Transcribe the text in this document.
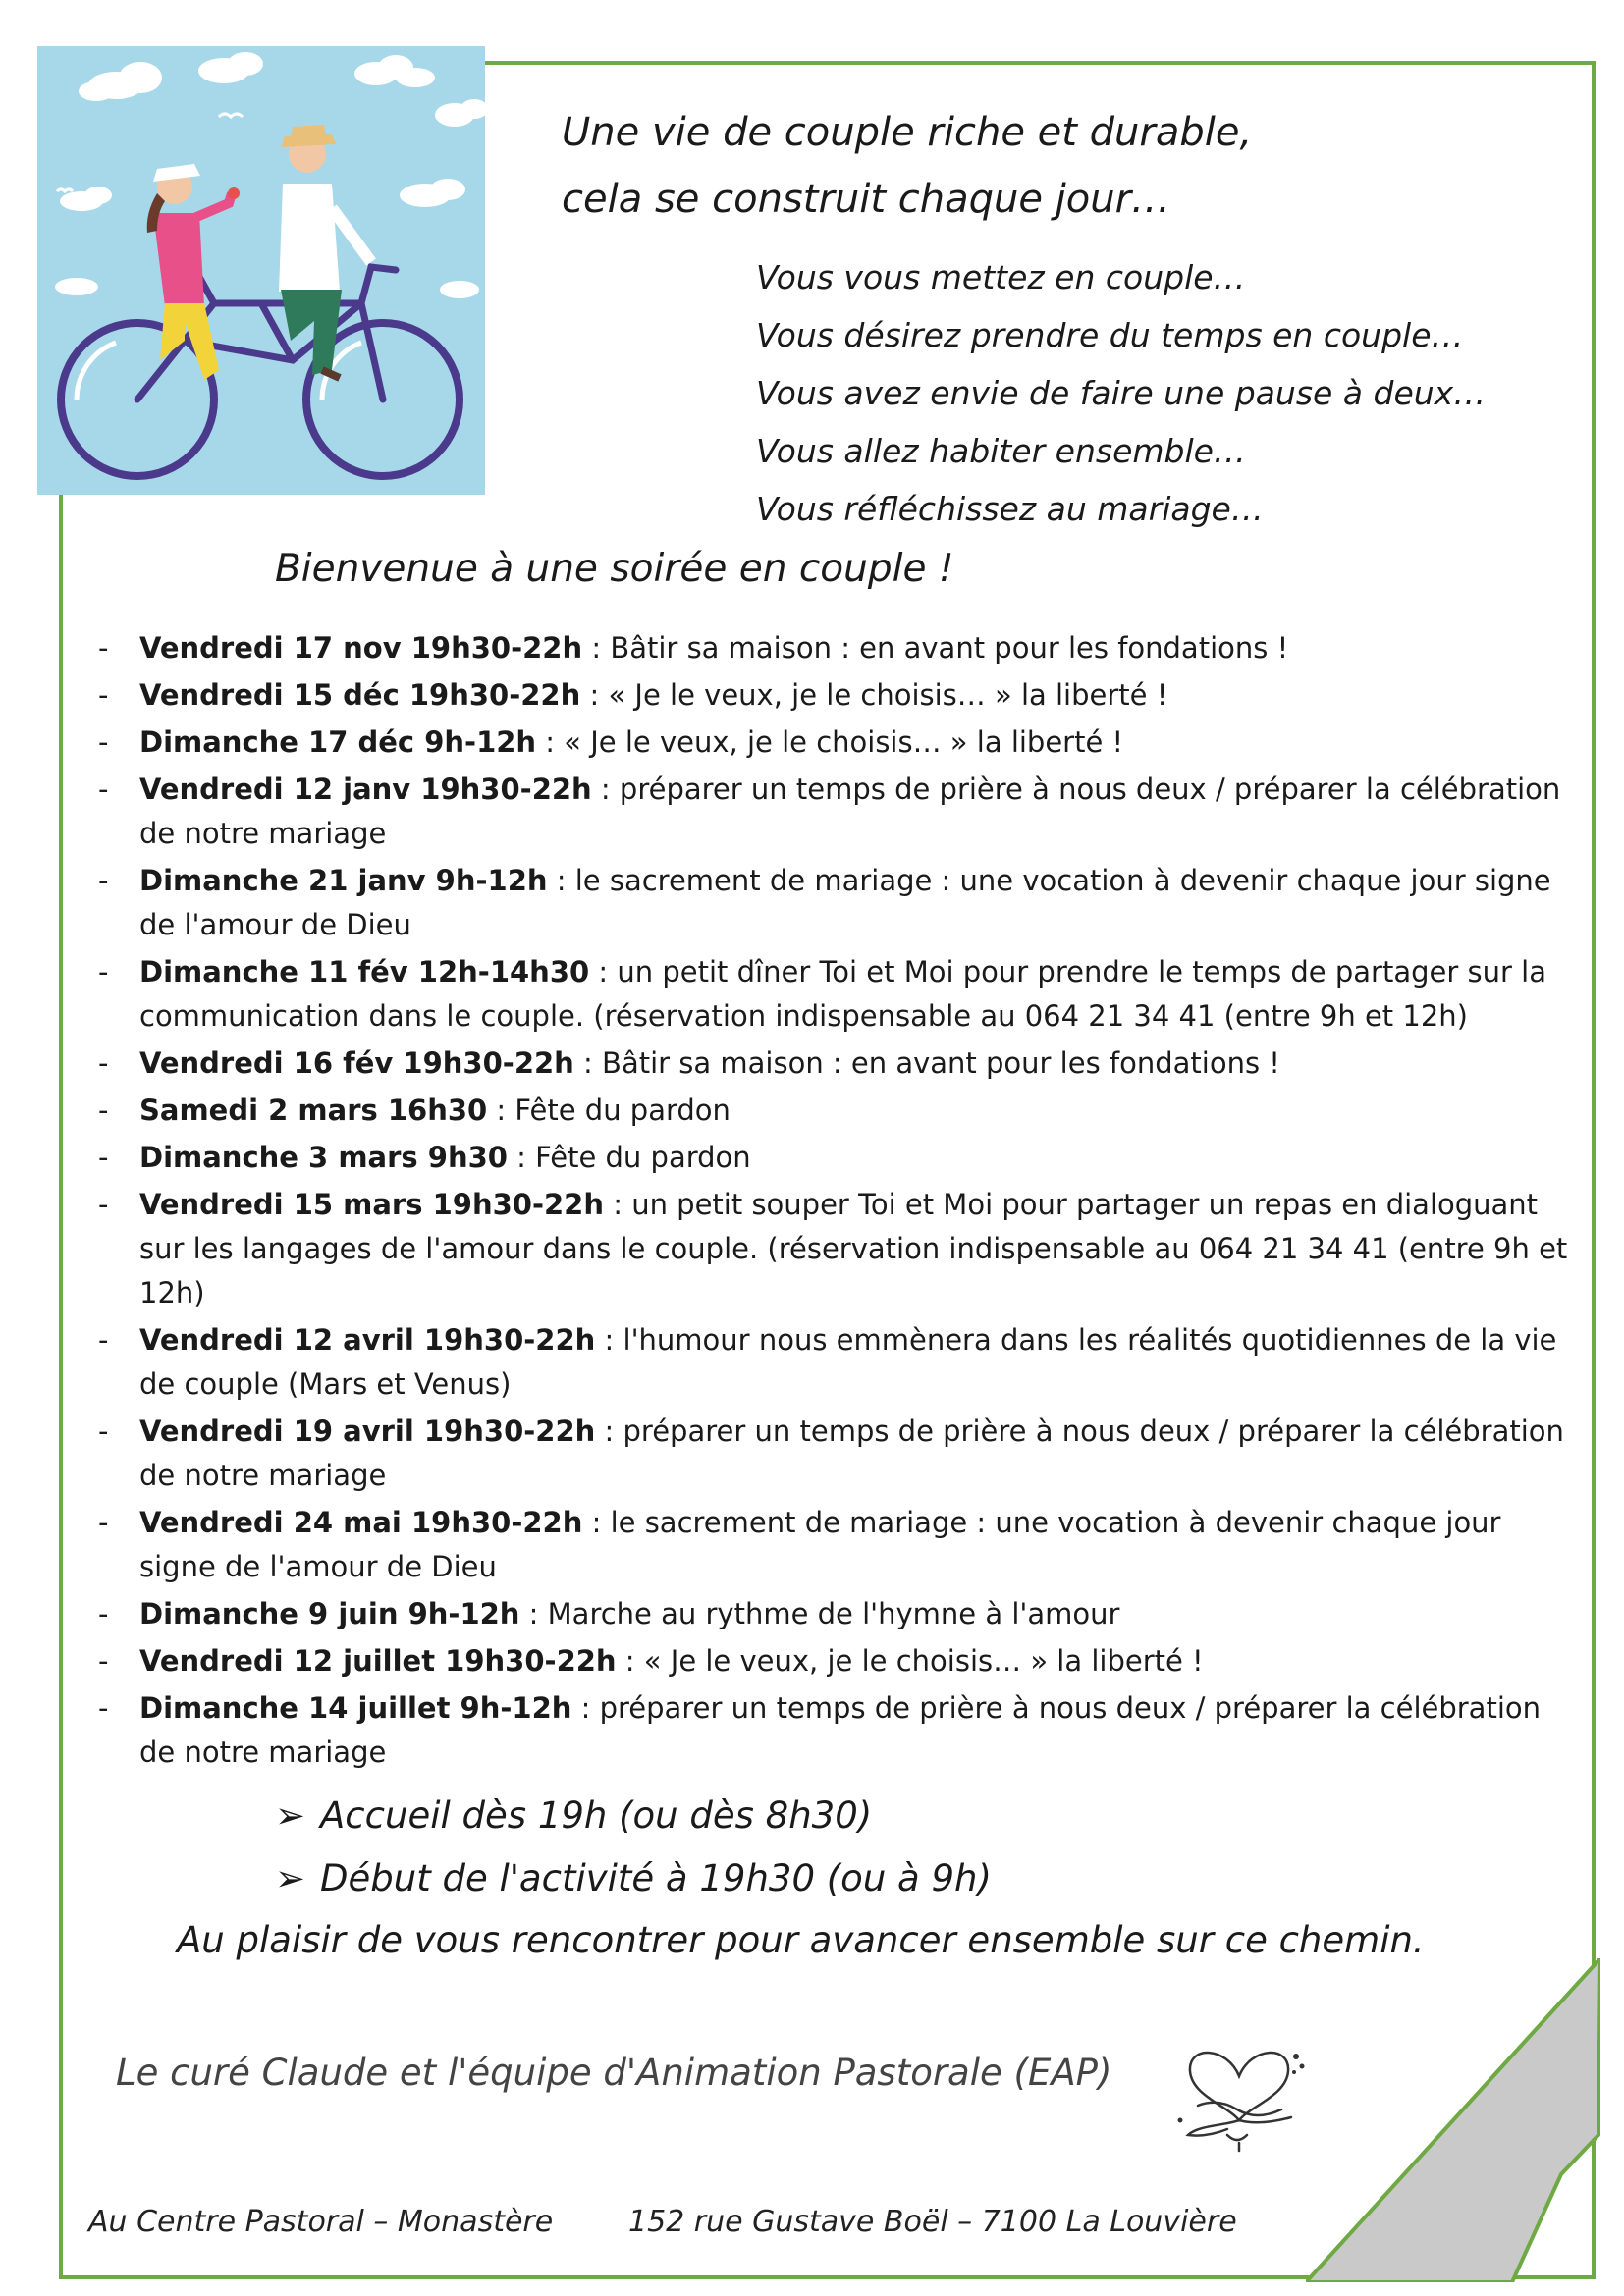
Une vie de couple riche et durable,
cela se construit chaque jour…
Vous vous mettez en couple…
Vous désirez prendre du temps en couple…
Vous avez envie de faire une pause à deux…
Vous allez habiter ensemble…
Vous réfléchissez au mariage…
Bienvenue à une soirée en couple !
- Vendredi 17 nov 19h30-22h : Bâtir sa maison : en avant pour les fondations !
- Vendredi 15 déc 19h30-22h : « Je le veux, je le choisis… » la liberté !
- Dimanche 17 déc 9h-12h : « Je le veux, je le choisis… » la liberté !
- Vendredi 12 janv 19h30-22h : préparer un temps de prière à nous deux / préparer la célébration de notre mariage
- Dimanche 21 janv 9h-12h : le sacrement de mariage : une vocation à devenir chaque jour signe de l'amour de Dieu
- Dimanche 11 fév 12h-14h30 : un petit dîner Toi et Moi pour prendre le temps de partager sur la communication dans le couple. (réservation indispensable au 064 21 34 41 (entre 9h et 12h)
- Vendredi 16 fév 19h30-22h : Bâtir sa maison : en avant pour les fondations !
- Samedi 2 mars 16h30 : Fête du pardon
- Dimanche 3 mars 9h30 : Fête du pardon
- Vendredi 15 mars 19h30-22h : un petit souper Toi et Moi pour partager un repas en dialoguant sur les langages de l'amour dans le couple. (réservation indispensable au 064 21 34 41 (entre 9h et 12h)
- Vendredi 12 avril 19h30-22h : l'humour nous emmènera dans les réalités quotidiennes de la vie de couple (Mars et Venus)
- Vendredi 19 avril 19h30-22h : préparer un temps de prière à nous deux / préparer la célébration de notre mariage
- Vendredi 24 mai 19h30-22h : le sacrement de mariage : une vocation à devenir chaque jour signe de l'amour de Dieu
- Dimanche 9 juin 9h-12h : Marche au rythme de l'hymne à l'amour
- Vendredi 12 juillet 19h30-22h : « Je le veux, je le choisis… » la liberté !
- Dimanche 14 juillet 9h-12h : préparer un temps de prière à nous deux / préparer la célébration de notre mariage
➢ Accueil dès 19h (ou dès 8h30)
➢ Début de l'activité à 19h30 (ou à 9h)
Au plaisir de vous rencontrer pour avancer ensemble sur ce chemin.
Le curé Claude et l'équipe d'Animation Pastorale (EAP)
Au Centre Pastoral – Monastère	152 rue Gustave Boël – 7100 La Louvière
